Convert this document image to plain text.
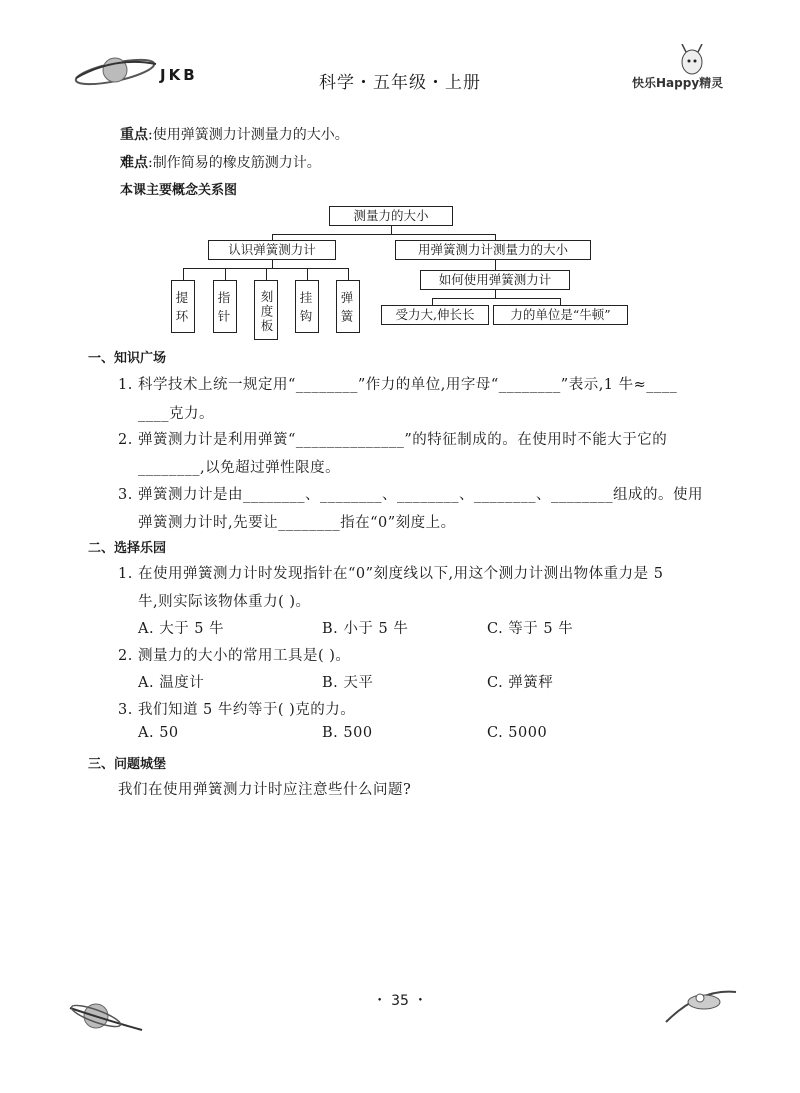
JKB	科学・五年级・上册	快乐Happy精灵
重点:使用弹簧测力计测量力的大小。
难点:制作简易的橡皮筋测力计。
本课主要概念关系图
测量力的大小
认识弹簧测力计	用弹簧测力计测量力的大小
提环	指针	刻度板	挂钩	弹簧
如何使用弹簧测力计
受力大,伸长长	力的单位是“牛顿”
一、知识广场
1. 科学技术上统一规定用“________”作力的单位,用字母“________”表示,1 牛≈____
____克力。
2. 弹簧测力计是利用弹簧“______________”的特征制成的。在使用时不能大于它的
________,以免超过弹性限度。
3. 弹簧测力计是由________、________、________、________、________组成的。使用
弹簧测力计时,先要让________指在“0”刻度上。
二、选择乐园
1. 在使用弹簧测力计时发现指针在“0”刻度线以下,用这个测力计测出物体重力是 5
牛,则实际该物体重力( )。
A. 大于 5 牛	B. 小于 5 牛	C. 等于 5 牛
2. 测量力的大小的常用工具是( )。
A. 温度计	B. 天平	C. 弹簧秤
3. 我们知道 5 牛约等于( )克的力。
A. 50	B. 500	C. 5000
三、问题城堡
我们在使用弹簧测力计时应注意些什么问题?
・ 35 ・
